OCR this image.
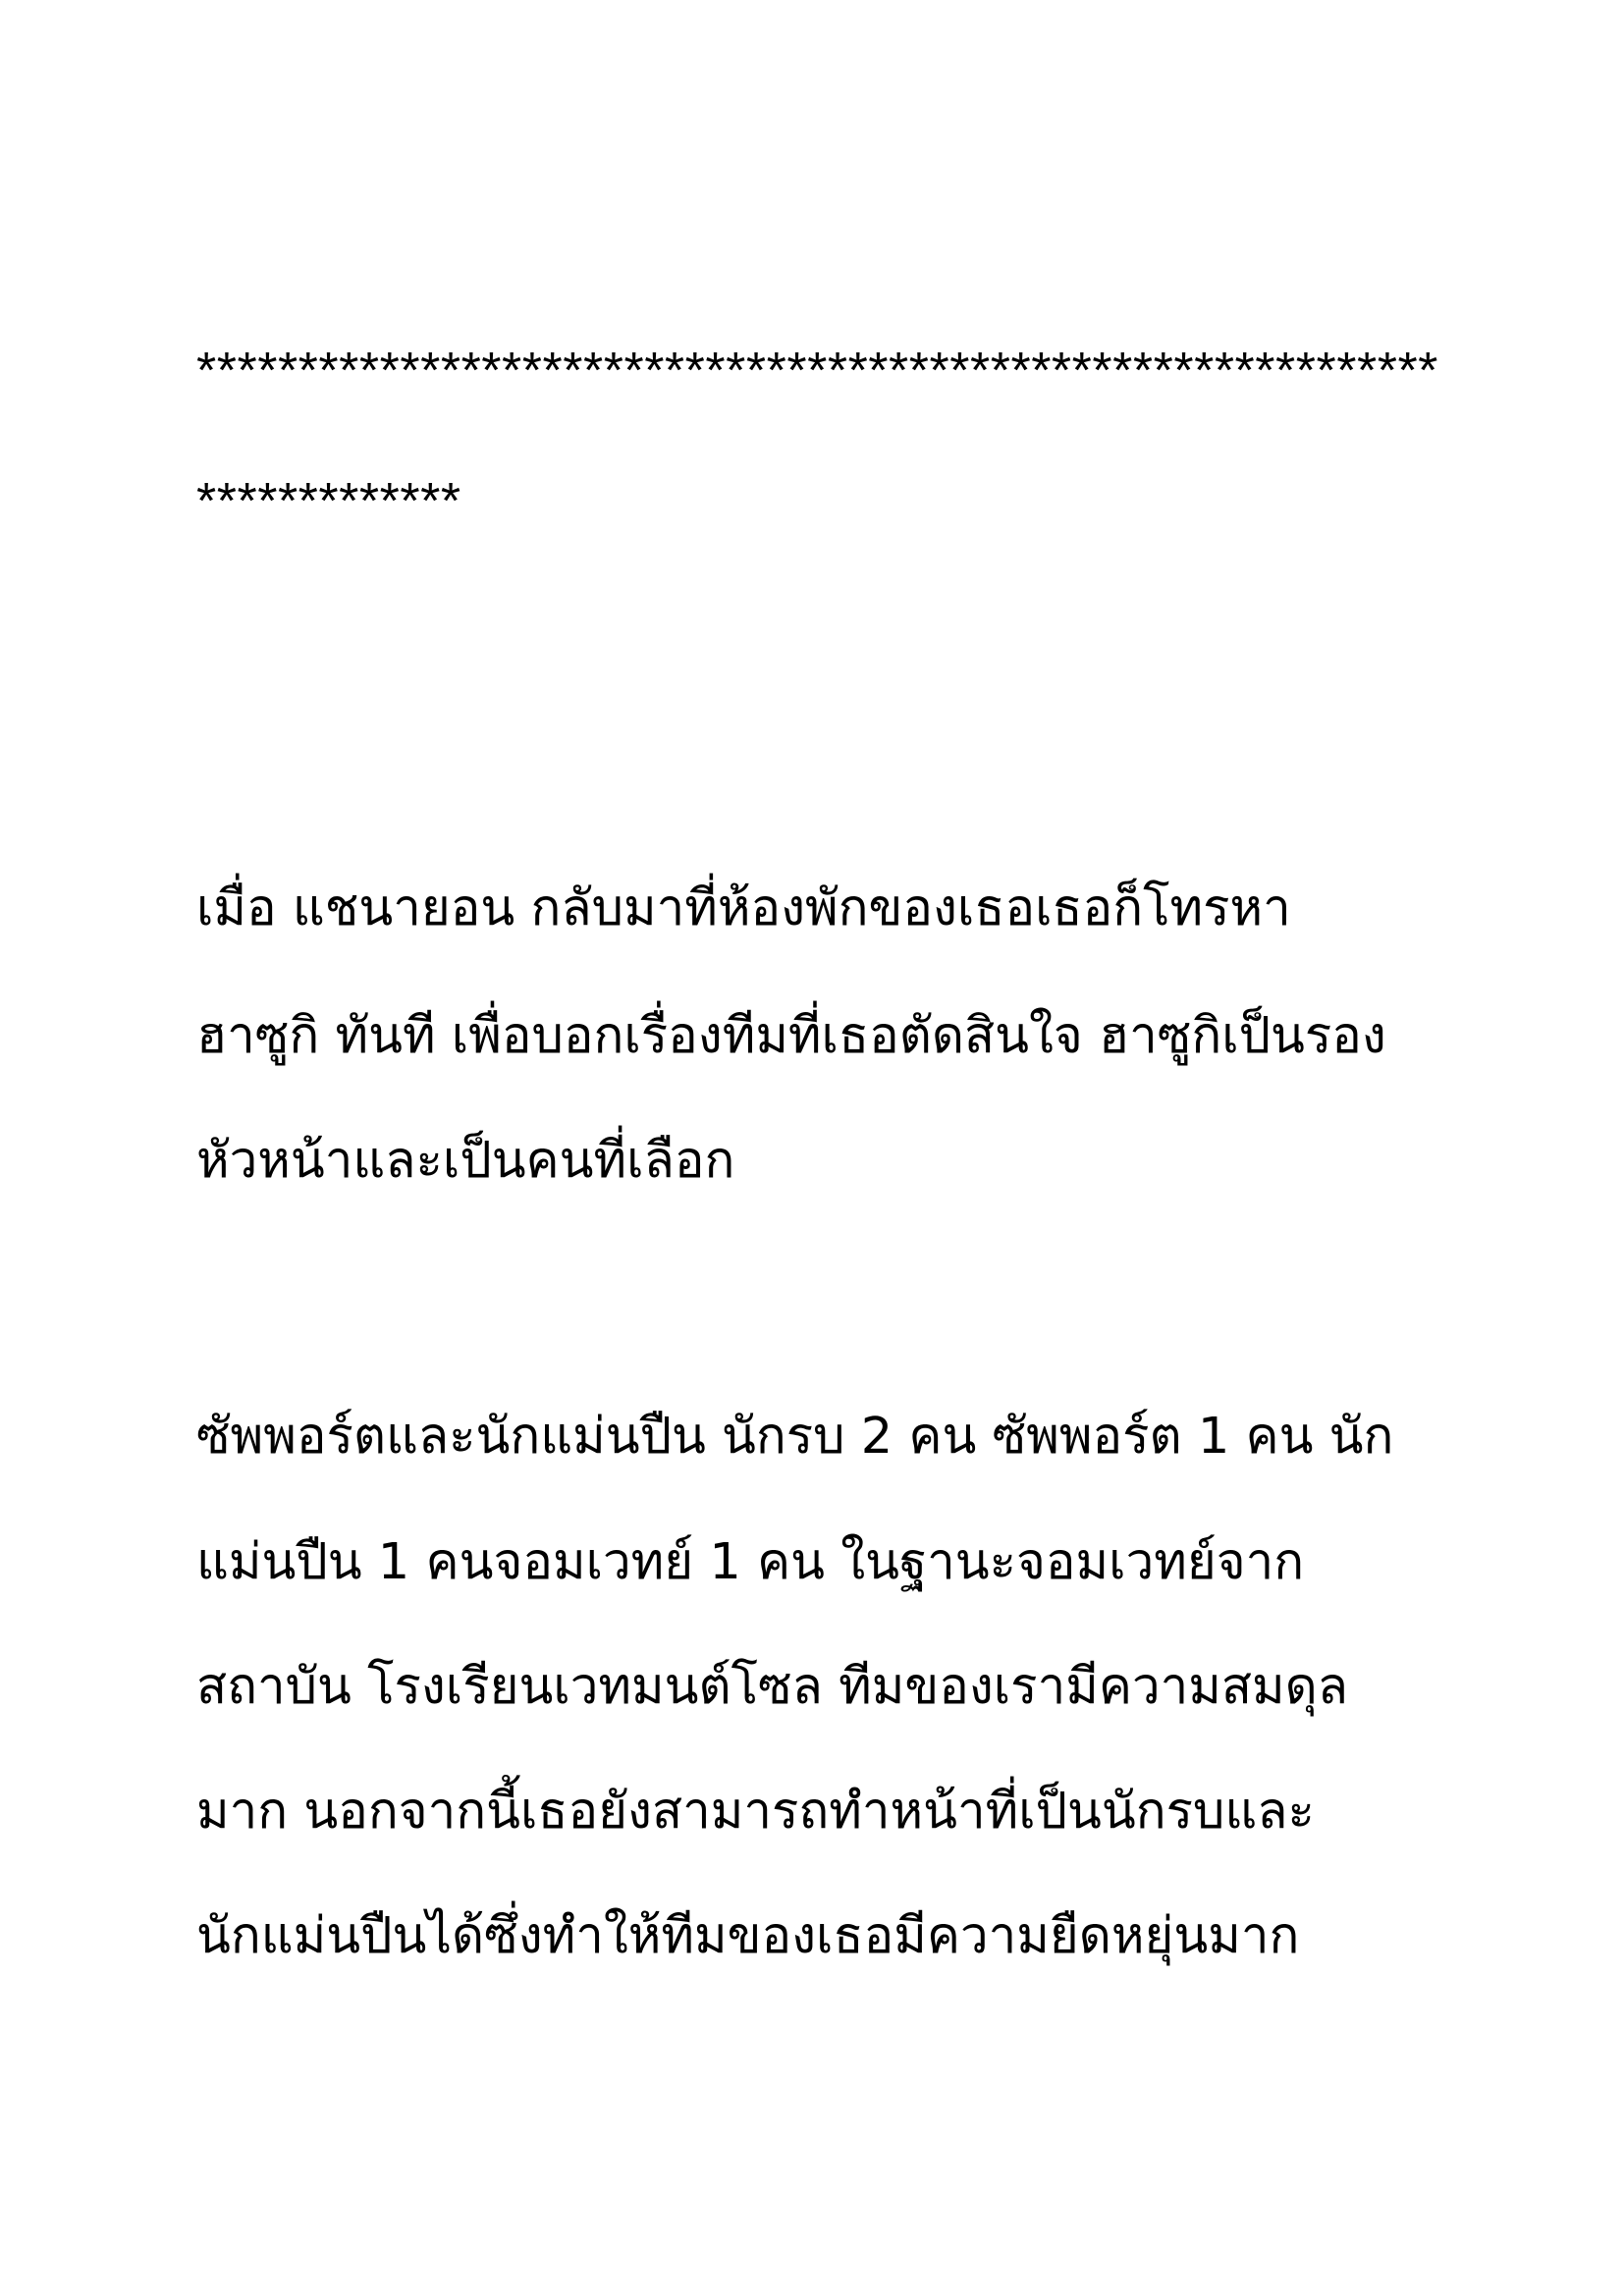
*************************************************************
*************
เมื่อ แชนายอน กลับมาที่ห้องพักของเธอเธอก็โทรหา
ฮาซูกิ ทันที เพื่อบอกเรื่องทีมที่เธอตัดสินใจ ฮาซูกิเป็นรอง
หัวหน้าและเป็นคนที่เลือก
ซัพพอร์ตและนักแม่นปืน นักรบ 2 คน ซัพพอร์ต 1 คน นัก
แม่นปืน 1 คนจอมเวทย์ 1 คน ในฐานะจอมเวทย์จาก
สถาบัน โรงเรียนเวทมนต์โซล ทีมของเรามีความสมดุล
มาก นอกจากนี้เธอยังสามารถทำหน้าที่เป็นนักรบและ
นักแม่นปืนได้ซึ่งทำให้ทีมของเธอมีความยืดหยุ่นมาก
